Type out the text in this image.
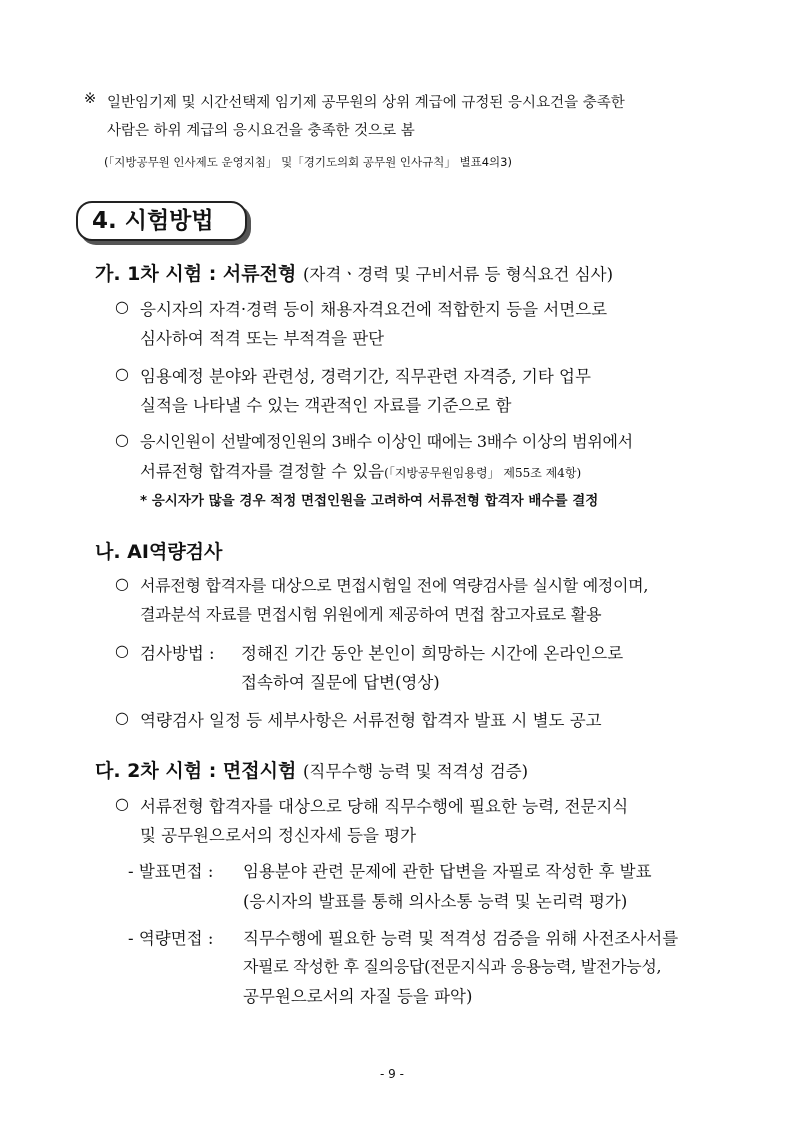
※ 일반임기제 및 시간선택제 임기제 공무원의 상위 계급에 규정된 응시요건을 충족한
사람은 하위 계급의 응시요건을 충족한 것으로 봄
(「지방공무원 인사제도 운영지침」 및「경기도의회 공무원 인사규칙」 별표4의3)
4. 시험방법
가. 1차 시험 : 서류전형 (자격ㆍ경력 및 구비서류 등 형식요건 심사)
○ 응시자의 자격·경력 등이 채용자격요건에 적합한지 등을 서면으로
심사하여 적격 또는 부적격을 판단
○ 임용예정 분야와 관련성, 경력기간, 직무관련 자격증, 기타 업무
실적을 나타낼 수 있는 객관적인 자료를 기준으로 함
○ 응시인원이 선발예정인원의 3배수 이상인 때에는 3배수 이상의 범위에서
서류전형 합격자를 결정할 수 있음(「지방공무원임용령」 제55조 제4항)
* 응시자가 많을 경우 적정 면접인원을 고려하여 서류전형 합격자 배수를 결정
나. AI역량검사
○ 서류전형 합격자를 대상으로 면접시험일 전에 역량검사를 실시할 예정이며,
결과분석 자료를 면접시험 위원에게 제공하여 면접 참고자료로 활용
○ 검사방법 : 정해진 기간 동안 본인이 희망하는 시간에 온라인으로
접속하여 질문에 답변(영상)
○ 역량검사 일정 등 세부사항은 서류전형 합격자 발표 시 별도 공고
다. 2차 시험 : 면접시험 (직무수행 능력 및 적격성 검증)
○ 서류전형 합격자를 대상으로 당해 직무수행에 필요한 능력, 전문지식
및 공무원으로서의 정신자세 등을 평가
- 발표면접 : 임용분야 관련 문제에 관한 답변을 자필로 작성한 후 발표
(응시자의 발표를 통해 의사소통 능력 및 논리력 평가)
- 역량면접 : 직무수행에 필요한 능력 및 적격성 검증을 위해 사전조사서를
자필로 작성한 후 질의응답(전문지식과 응용능력, 발전가능성,
공무원으로서의 자질 등을 파악)
- 9 -
